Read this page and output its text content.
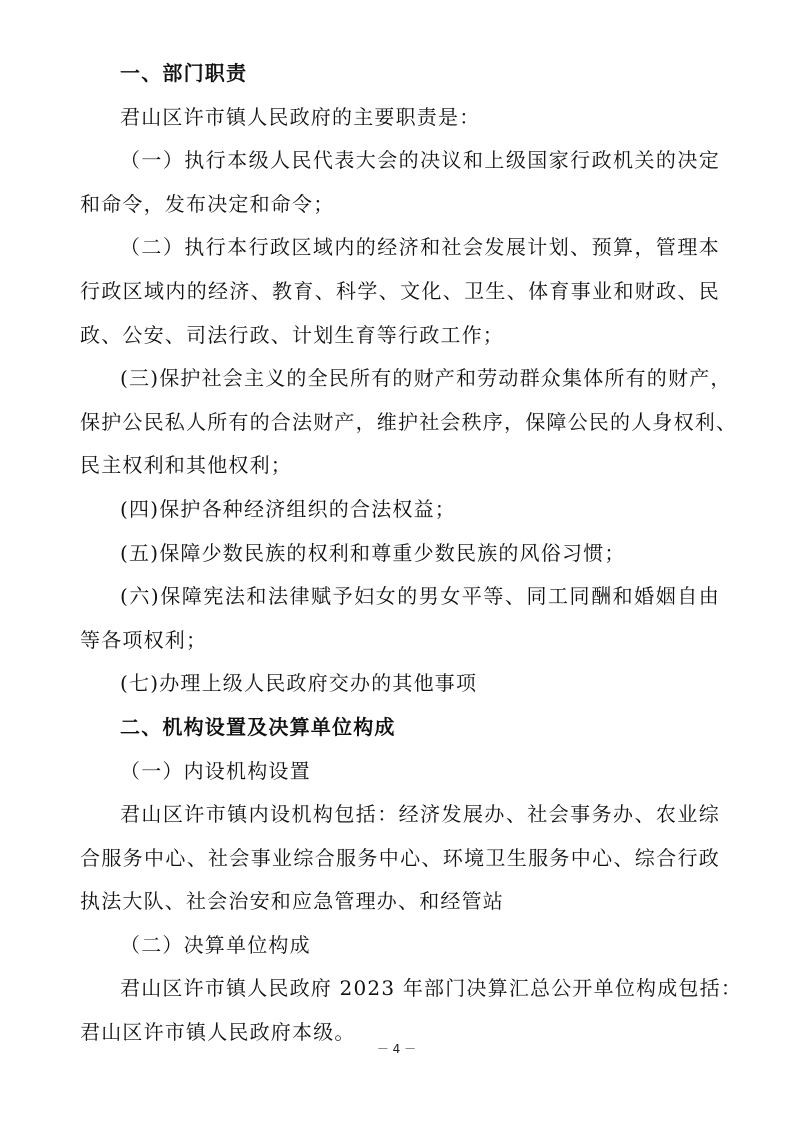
一、部门职责
君山区许市镇人民政府的主要职责是：
（一）执行本级人民代表大会的决议和上级国家行政机关的决定
和命令，发布决定和命令；
（二）执行本行政区域内的经济和社会发展计划、预算，管理本
行政区域内的经济、教育、科学、文化、卫生、体育事业和财政、民
政、公安、司法行政、计划生育等行政工作；
(三)保护社会主义的全民所有的财产和劳动群众集体所有的财产，
保护公民私人所有的合法财产，维护社会秩序，保障公民的人身权利、
民主权利和其他权利；
(四)保护各种经济组织的合法权益；
(五)保障少数民族的权利和尊重少数民族的风俗习惯；
(六)保障宪法和法律赋予妇女的男女平等、同工同酬和婚姻自由
等各项权利；
(七)办理上级人民政府交办的其他事项
二、机构设置及决算单位构成
（一）内设机构设置
君山区许市镇内设机构包括：经济发展办、社会事务办、农业综
合服务中心、社会事业综合服务中心、环境卫生服务中心、综合行政
执法大队、社会治安和应急管理办、和经管站
（二）决算单位构成
君山区许市镇人民政府 2023 年部门决算汇总公开单位构成包括：
君山区许市镇人民政府本级。
－ 4 －
